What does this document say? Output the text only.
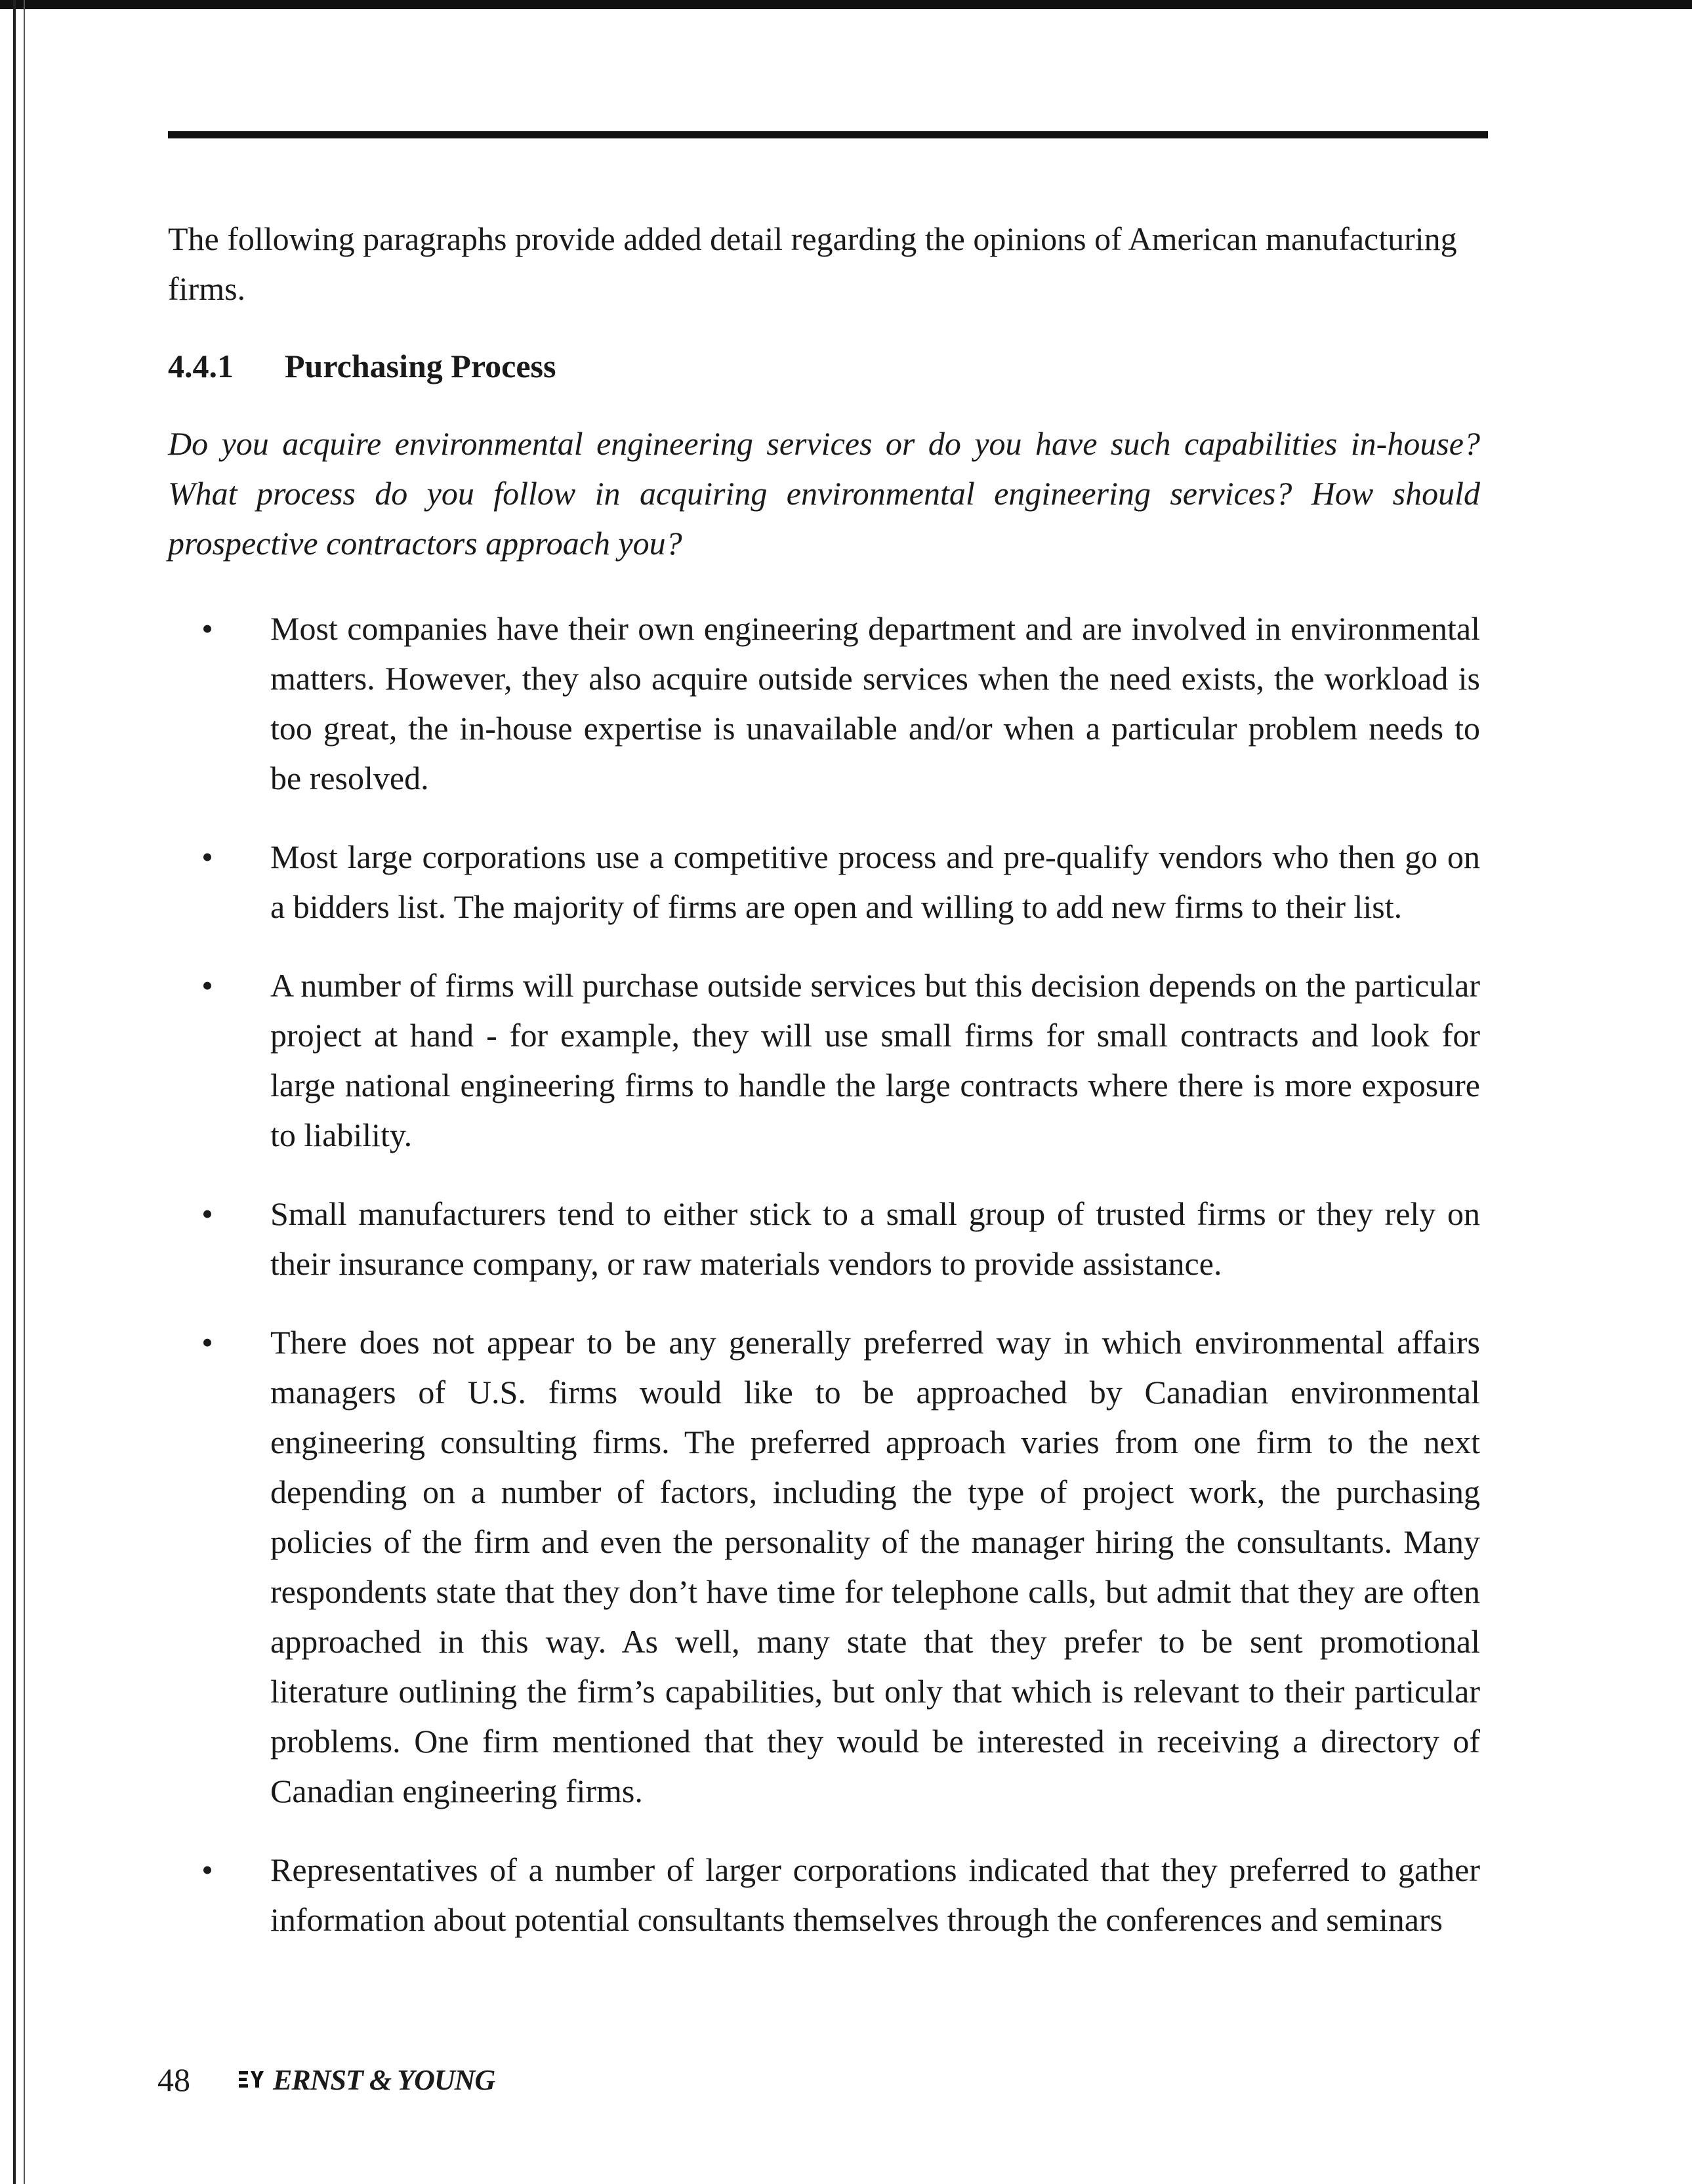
The following paragraphs provide added detail regarding the opinions of American manufacturing firms.

4.4.1 Purchasing Process

Do you acquire environmental engineering services or do you have such capabilities in-house? What process do you follow in acquiring environmental engineering services? How should prospective contractors approach you?

• Most companies have their own engineering department and are involved in environmental matters. However, they also acquire outside services when the need exists, the workload is too great, the in-house expertise is unavailable and/or when a particular problem needs to be resolved.
• Most large corporations use a competitive process and pre-qualify vendors who then go on a bidders list. The majority of firms are open and willing to add new firms to their list.
• A number of firms will purchase outside services but this decision depends on the particular project at hand - for example, they will use small firms for small contracts and look for large national engineering firms to handle the large contracts where there is more exposure to liability.
• Small manufacturers tend to either stick to a small group of trusted firms or they rely on their insurance company, or raw materials vendors to provide assistance.
• There does not appear to be any generally preferred way in which environmental affairs managers of U.S. firms would like to be approached by Canadian environmental engineering consulting firms. The preferred approach varies from one firm to the next depending on a number of factors, including the type of project work, the purchasing policies of the firm and even the personality of the manager hiring the consultants. Many respondents state that they don’t have time for telephone calls, but admit that they are often approached in this way. As well, many state that they prefer to be sent promotional literature outlining the firm’s capabilities, but only that which is relevant to their particular problems. One firm mentioned that they would be interested in receiving a directory of Canadian engineering firms.
• Representatives of a number of larger corporations indicated that they preferred to gather information about potential consultants themselves through the conferences and seminars
48	ERNST & YOUNG
